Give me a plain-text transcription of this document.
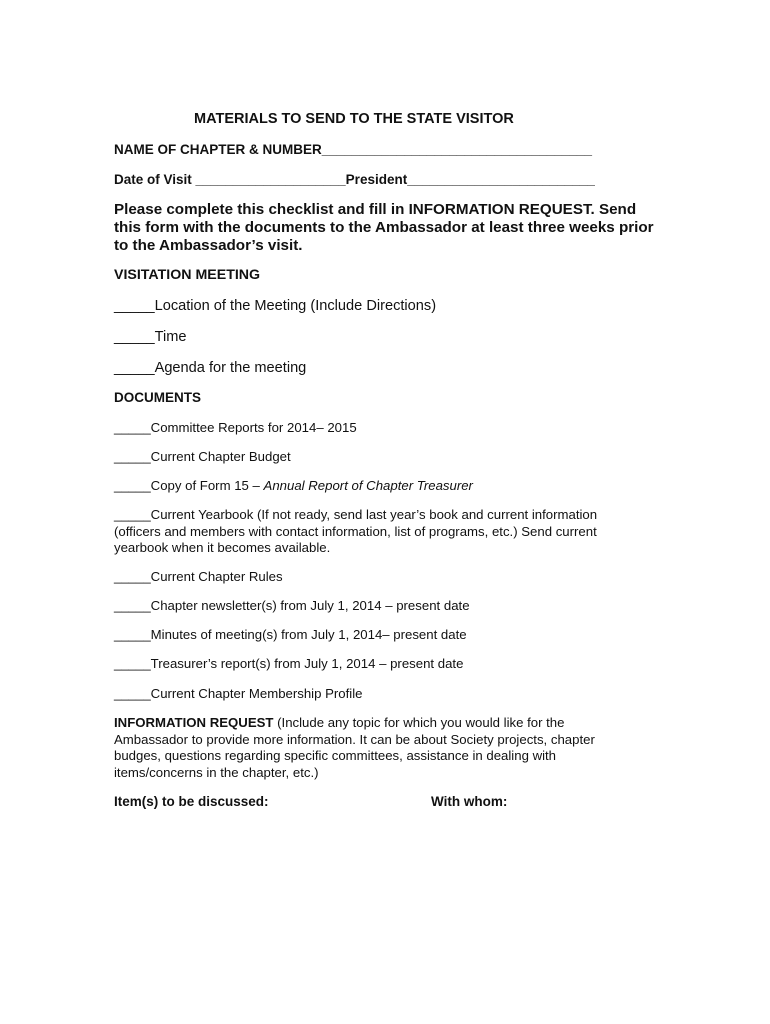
MATERIALS TO SEND TO THE STATE VISITOR

NAME OF CHAPTER & NUMBER____________________________________

Date of Visit ____________________President_________________________

Please complete this checklist and fill in INFORMATION REQUEST. Send

this form with the documents to the Ambassador at least three weeks prior

to the Ambassador’s visit.

VISITATION MEETING

_____Location of the Meeting (Include Directions)

_____Time

_____Agenda for the meeting

DOCUMENTS

_____Committee Reports for 2014– 2015

_____Current Chapter Budget

_____Copy of Form 15 – Annual Report of Chapter Treasurer

_____Current Yearbook (If not ready, send last year’s book and current information

(officers and members with contact information, list of programs, etc.) Send current

yearbook when it becomes available.

_____Current Chapter Rules

_____Chapter newsletter(s) from July 1, 2014 – present date

_____Minutes of meeting(s) from July 1, 2014– present date

_____Treasurer’s report(s) from July 1, 2014 – present date

_____Current Chapter Membership Profile

INFORMATION REQUEST (Include any topic for which you would like for the

Ambassador to provide more information. It can be about Society projects, chapter

budges, questions regarding specific committees, assistance in dealing with

items/concerns in the chapter, etc.)

Item(s) to be discussed:	With whom:
